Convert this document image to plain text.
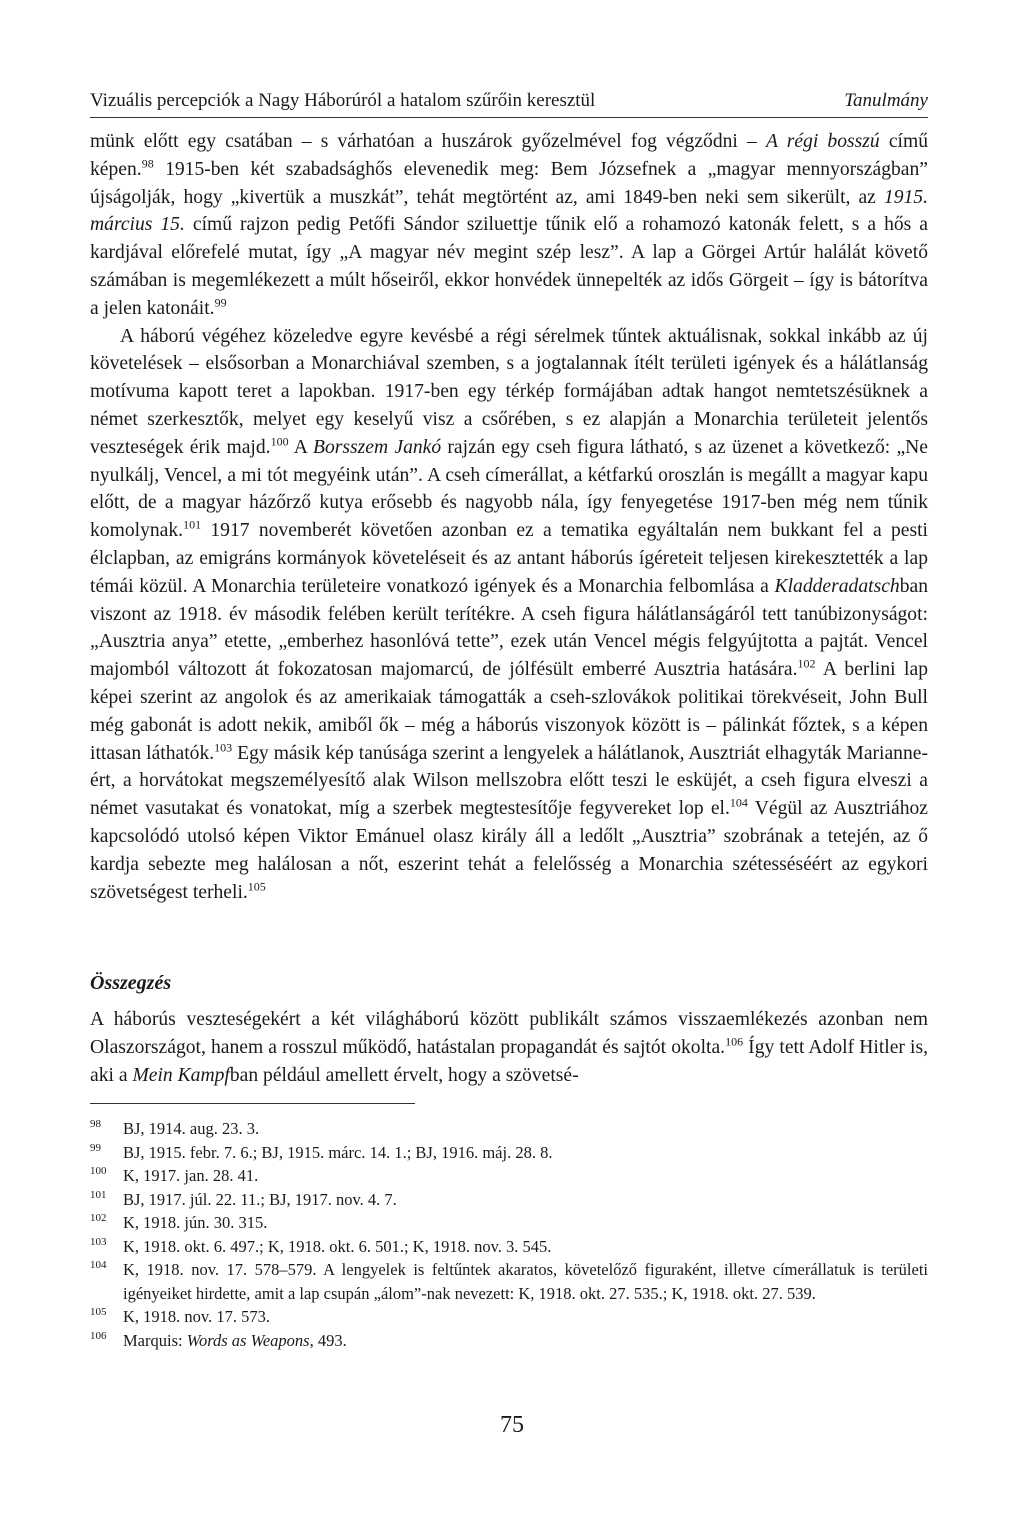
Vizuális percepciók a Nagy Háborúról a hatalom szűrőin keresztül	Tanulmány

münk előtt egy csatában – s várhatóan a huszárok győzelmével fog végződni – A régi bosszú című képen.$^{98}$ 1915-ben két szabadsághős elevenedik meg: Bem Józsefnek a „magyar mennyországban” újságolják, hogy „kivertük a muszkát”, tehát megtörtént az, ami 1849-ben neki sem sikerült, az 1915. március 15. című rajzon pedig Petőfi Sándor sziluettje tűnik elő a rohamozó katonák felett, s a hős a kardjával előrefelé mutat, így „A magyar név megint szép lesz”. A lap a Görgei Artúr halálát követő számában is megemlékezett a múlt hőseiről, ekkor honvédek ünnepelték az idős Görgeit – így is bátorítva a jelen katonáit.$^{99}$

A háború végéhez közeledve egyre kevésbé a régi sérelmek tűntek aktuálisnak, sokkal inkább az új követelések – elsősorban a Monarchiával szemben, s a jogtalannak ítélt területi igények és a hálátlanság motívuma kapott teret a lapokban. 1917-ben egy térkép formájában adtak hangot nemtetszésüknek a német szerkesztők, melyet egy keselyű visz a csőrében, s ez alapján a Monarchia területeit jelentős veszteségek érik majd.$^{100}$ A Borsszem Jankó rajzán egy cseh figura látható, s az üzenet a következő: „Ne nyulkálj, Vencel, a mi tót megyéink után”. A cseh címerállat, a kétfarkú oroszlán is megállt a magyar kapu előtt, de a magyar házőrző kutya erősebb és nagyobb nála, így fenyegetése 1917-ben még nem tűnik komolynak.$^{101}$ 1917 novemberét követően azonban ez a tematika egyáltalán nem bukkant fel a pesti élclapban, az emigráns kormányok követeléseit és az antant háborús ígéreteit teljesen kirekesztették a lap témái közül. A Monarchia területeire vonatkozó igények és a Monarchia felbomlása a Kladderadatschban viszont az 1918. év második felében került terítékre. A cseh figura hálátlanságáról tett tanúbizonyságot: „Ausztria anya” etette, „emberhez hasonlóvá tette”, ezek után Vencel mégis felgyújtotta a pajtát. Vencel majomból változott át fokozatosan majomarcú, de jólfésült emberré Ausztria hatására.$^{102}$ A berlini lap képei szerint az angolok és az amerikaiak támogatták a cseh-szlovákok politikai törekvéseit, John Bull még gabonát is adott nekik, amiből ők – még a háborús viszonyok között is – pálinkát főztek, s a képen ittasan láthatók.$^{103}$ Egy másik kép tanúsága szerint a lengyelek a hálátlanok, Ausztriát elhagyták Marianne-ért, a horvátokat megszemélyesítő alak Wilson mellszobra előtt teszi le esküjét, a cseh figura elveszi a német vasutakat és vonatokat, míg a szerbek megtestesítője fegyvereket lop el.$^{104}$ Végül az Ausztriához kapcsolódó utolsó képen Viktor Emánuel olasz király áll a ledőlt „Ausztria” szobrának a tetején, az ő kardja sebezte meg halálosan a nőt, eszerint tehát a felelősség a Monarchia szétesséséért az egykori szövetségest terheli.$^{105}$

Összegzés

A háborús veszteségekért a két világháború között publikált számos visszaemlékezés azonban nem Olaszországot, hanem a rosszul működő, hatástalan propagandát és sajtót okolta.$^{106}$ Így tett Adolf Hitler is, aki a Mein Kampfban például amellett érvelt, hogy a szövetsé-

98	BJ, 1914. aug. 23. 3.
99	BJ, 1915. febr. 7. 6.; BJ, 1915. márc. 14. 1.; BJ, 1916. máj. 28. 8.
100	K, 1917. jan. 28. 41.
101	BJ, 1917. júl. 22. 11.; BJ, 1917. nov. 4. 7.
102	K, 1918. jún. 30. 315.
103	K, 1918. okt. 6. 497.; K, 1918. okt. 6. 501.; K, 1918. nov. 3. 545.
104	K, 1918. nov. 17. 578–579. A lengyelek is feltűntek akaratos, követelőző figuraként, illetve címerállatuk is területi igényeiket hirdette, amit a lap csupán „álom”-nak nevezett: K, 1918. okt. 27. 535.; K, 1918. okt. 27. 539.
105	K, 1918. nov. 17. 573.
106	Marquis: Words as Weapons, 493.
75
